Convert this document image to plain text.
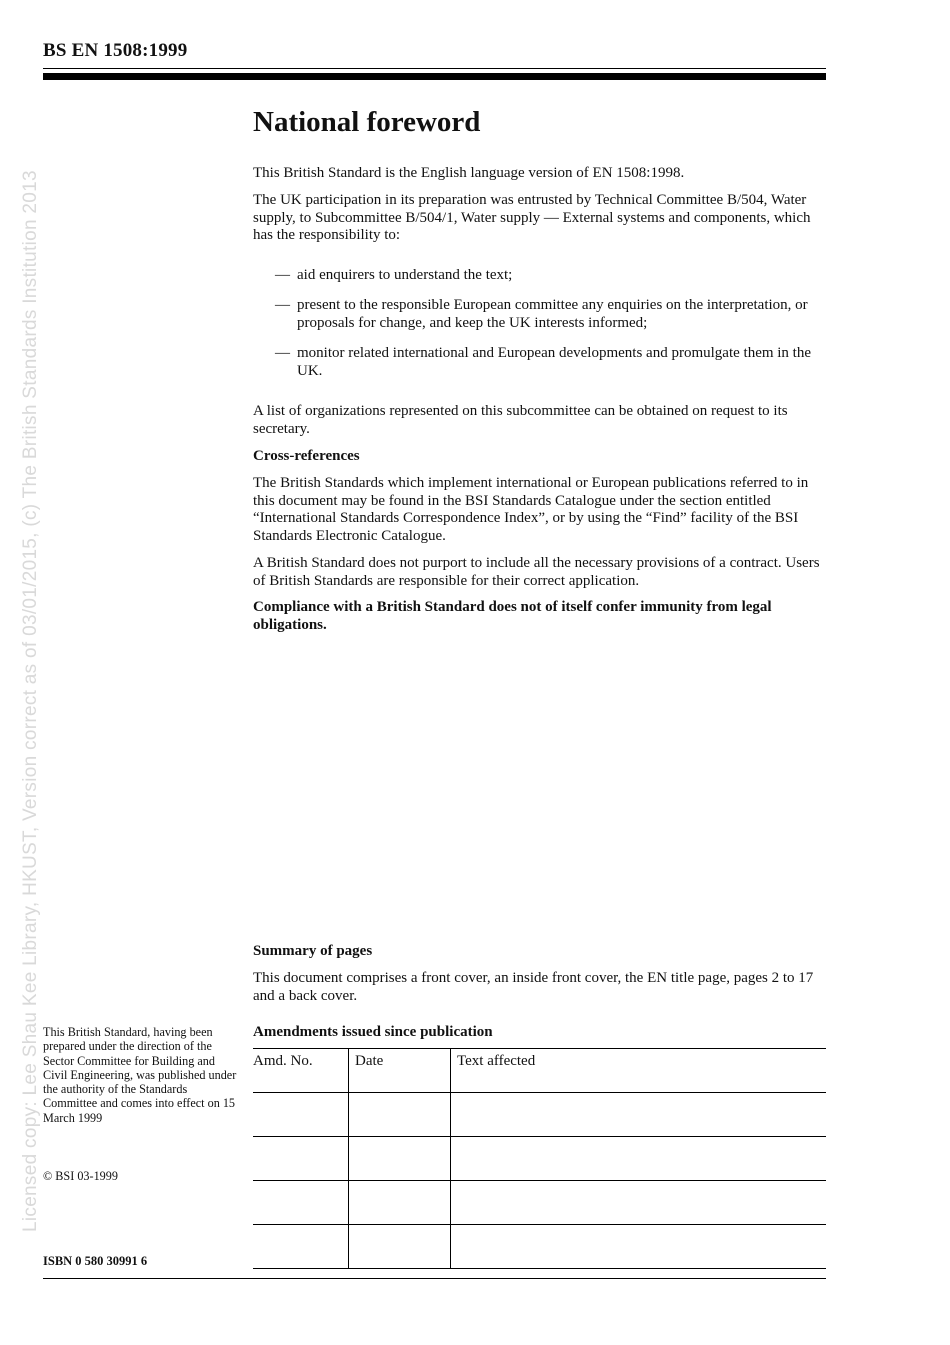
BS EN 1508:1999
Licensed copy: Lee Shau Kee Library, HKUST, Version correct as of 03/01/2015, (c) The British Standards Institution 2013
National foreword

This British Standard is the English language version of EN 1508:1998.

The UK participation in its preparation was entrusted by Technical Committee B/504, Water supply, to Subcommittee B/504/1, Water supply — External systems and components, which has the responsibility to:

— aid enquirers to understand the text;
— present to the responsible European committee any enquiries on the interpretation, or proposals for change, and keep the UK interests informed;
— monitor related international and European developments and promulgate them in the UK.

A list of organizations represented on this subcommittee can be obtained on request to its secretary.

Cross-references

The British Standards which implement international or European publications referred to in this document may be found in the BSI Standards Catalogue under the section entitled “International Standards Correspondence Index”, or by using the “Find” facility of the BSI Standards Electronic Catalogue.

A British Standard does not purport to include all the necessary provisions of a contract. Users of British Standards are responsible for their correct application.

Compliance with a British Standard does not of itself confer immunity from legal obligations.

Summary of pages

This document comprises a front cover, an inside front cover, the EN title page, pages 2 to 17 and a back cover.

Amendments issued since publication

Amd. No.	Date	Text affected

This British Standard, having been prepared under the direction of the Sector Committee for Building and Civil Engineering, was published under the authority of the Standards Committee and comes into effect on 15 March 1999
© BSI 03-1999
ISBN 0 580 30991 6
